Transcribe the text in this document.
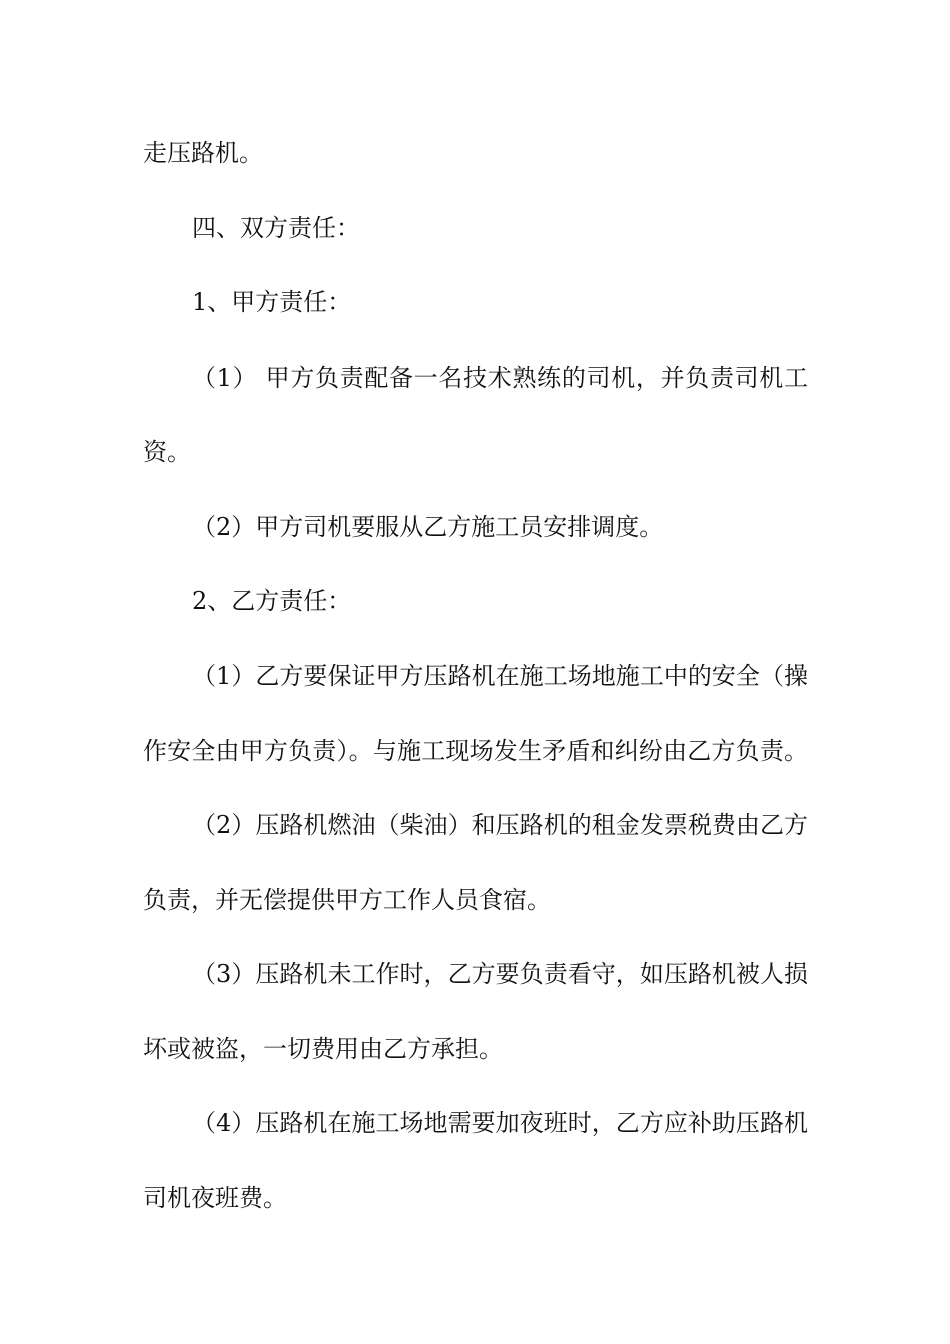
走压路机。
四、双方责任：
1、甲方责任：
（1） 甲方负责配备一名技术熟练的司机，并负责司机工
资。
（2）甲方司机要服从乙方施工员安排调度。
2、乙方责任：
（1）乙方要保证甲方压路机在施工场地施工中的安全（操
作安全由甲方负责）。与施工现场发生矛盾和纠纷由乙方负责。
（2）压路机燃油（柴油）和压路机的租金发票税费由乙方
负责，并无偿提供甲方工作人员食宿。
（3）压路机未工作时，乙方要负责看守，如压路机被人损
坏或被盗，一切费用由乙方承担。
（4）压路机在施工场地需要加夜班时，乙方应补助压路机
司机夜班费。
